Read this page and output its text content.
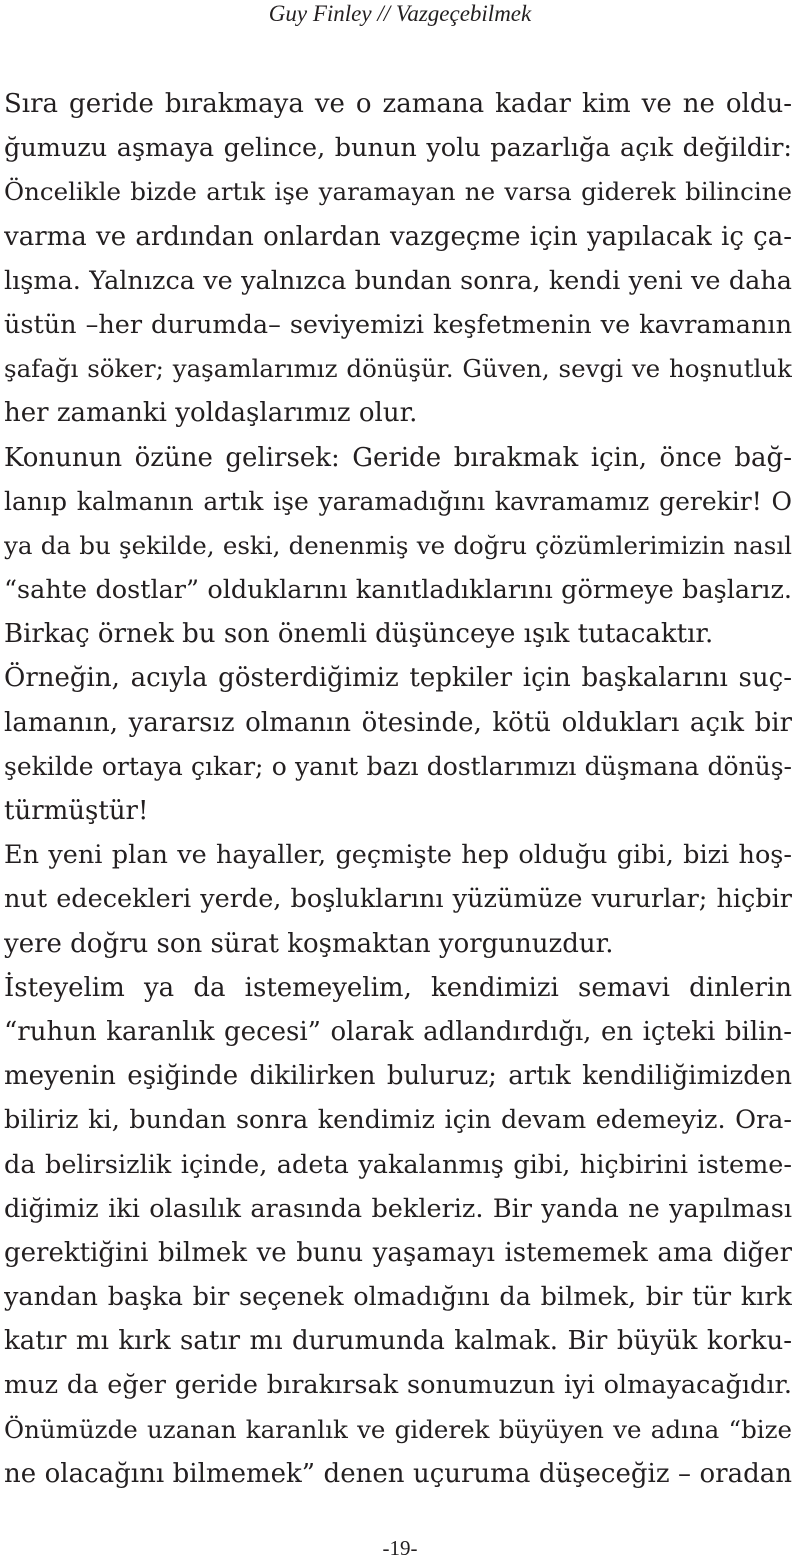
Guy Finley // Vazgeçebilmek
Sıra geride bırakmaya ve o zamana kadar kim ve ne oldu-
ğumuzu aşmaya gelince, bunun yolu pazarlığa açık değildir:
Öncelikle bizde artık işe yaramayan ne varsa giderek bilincine
varma ve ardından onlardan vazgeçme için yapılacak iç ça-
lışma. Yalnızca ve yalnızca bundan sonra, kendi yeni ve daha
üstün –her durumda– seviyemizi keşfetmenin ve kavramanın
şafağı söker; yaşamlarımız dönüşür. Güven, sevgi ve hoşnutluk
her zamanki yoldaşlarımız olur.
Konunun özüne gelirsek: Geride bırakmak için, önce bağ-
lanıp kalmanın artık işe yaramadığını kavramamız gerekir! O
ya da bu şekilde, eski, denenmiş ve doğru çözümlerimizin nasıl
“sahte dostlar” olduklarını kanıtladıklarını görmeye başlarız.
Birkaç örnek bu son önemli düşünceye ışık tutacaktır.
Örneğin, acıyla gösterdiğimiz tepkiler için başkalarını suç-
lamanın, yararsız olmanın ötesinde, kötü oldukları açık bir
şekilde ortaya çıkar; o yanıt bazı dostlarımızı düşmana dönüş-
türmüştür!
En yeni plan ve hayaller, geçmişte hep olduğu gibi, bizi hoş-
nut edecekleri yerde, boşluklarını yüzümüze vururlar; hiçbir
yere doğru son sürat koşmaktan yorgunuzdur.
İsteyelim ya da istemeyelim, kendimizi semavi dinlerin
“ruhun karanlık gecesi” olarak adlandırdığı, en içteki bilin-
meyenin eşiğinde dikilirken buluruz; artık kendiliğimizden
biliriz ki, bundan sonra kendimiz için devam edemeyiz. Ora-
da belirsizlik içinde, adeta yakalanmış gibi, hiçbirini isteme-
diğimiz iki olasılık arasında bekleriz. Bir yanda ne yapılması
gerektiğini bilmek ve bunu yaşamayı istememek ama diğer
yandan başka bir seçenek olmadığını da bilmek, bir tür kırk
katır mı kırk satır mı durumunda kalmak. Bir büyük korku-
muz da eğer geride bırakırsak sonumuzun iyi olmayacağıdır.
Önümüzde uzanan karanlık ve giderek büyüyen ve adına “bize
ne olacağını bilmemek” denen uçuruma düşeceğiz – oradan
-19-
